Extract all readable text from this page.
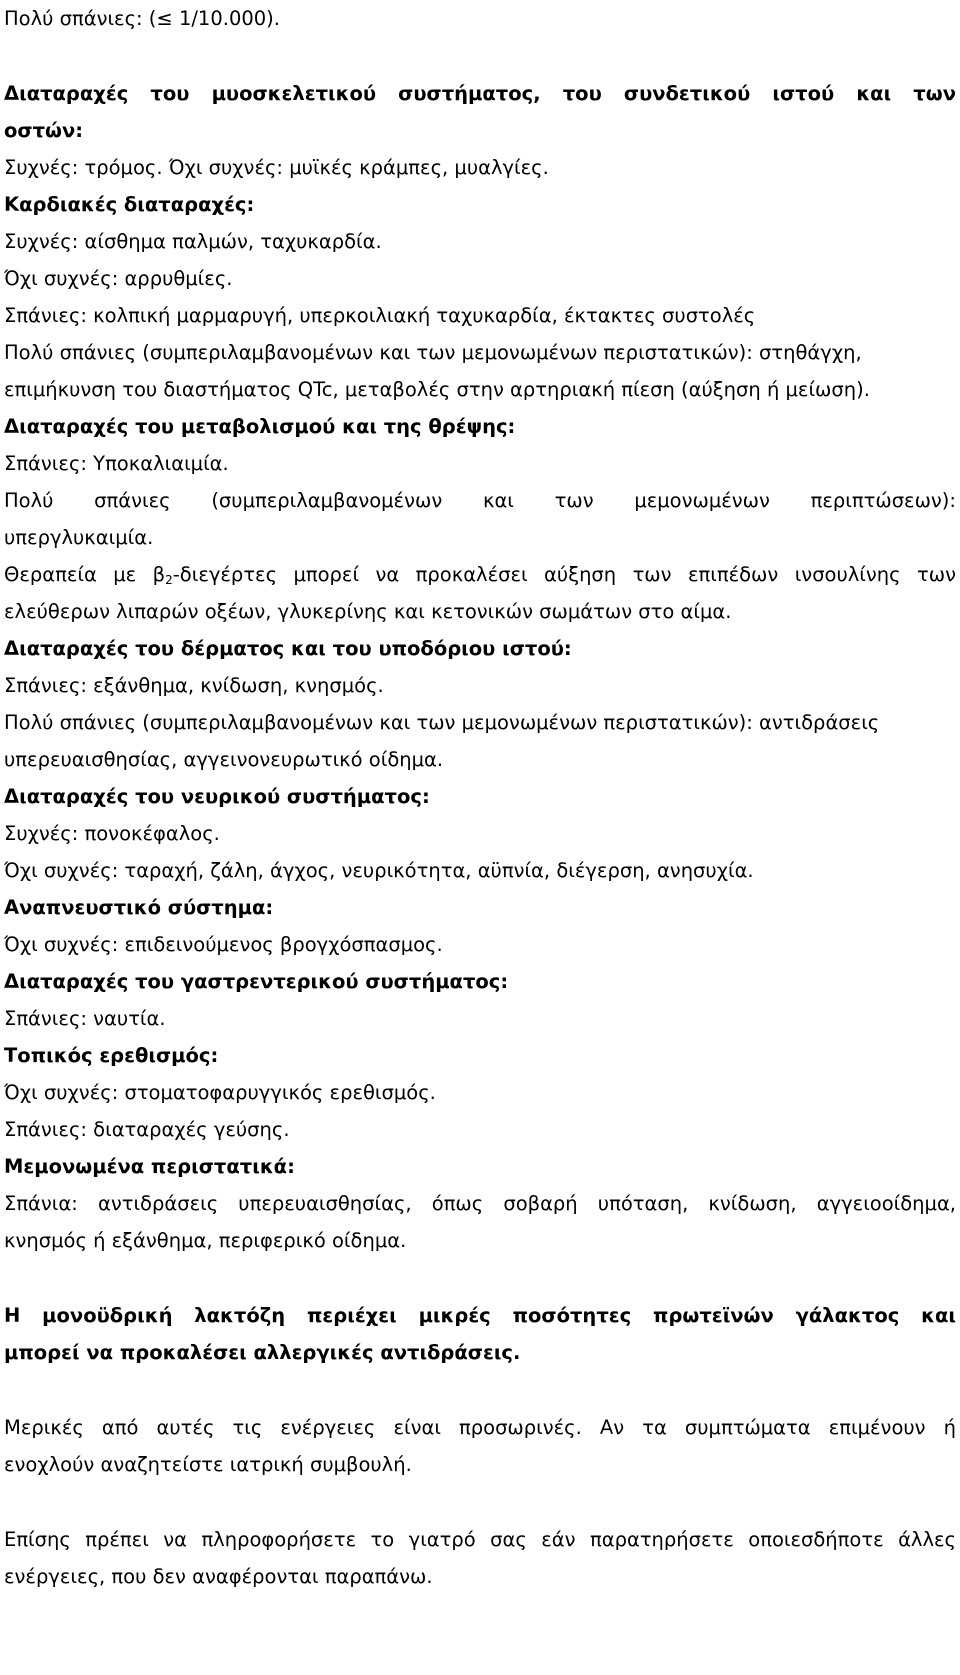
Πολύ σπάνιες: (≤ 1/10.000).
Διαταραχές του μυοσκελετικού συστήματος, του συνδετικού ιστού και των
οστών:
Συχνές: τρόμος. Όχι συχνές: μυϊκές κράμπες, μυαλγίες.
Καρδιακές διαταραχές:
Συχνές: αίσθημα παλμών, ταχυκαρδία.
Όχι συχνές: αρρυθμίες.
Σπάνιες: κολπική μαρμαρυγή, υπερκοιλιακή ταχυκαρδία, έκτακτες συστολές
Πολύ σπάνιες (συμπεριλαμβανομένων και των μεμονωμένων περιστατικών): στηθάγχη,
επιμήκυνση του διαστήματος QTc, μεταβολές στην αρτηριακή πίεση (αύξηση ή μείωση).
Διαταραχές του μεταβολισμού και της θρέψης:
Σπάνιες: Υποκαλιαιμία.
Πολύ σπάνιες (συμπεριλαμβανομένων και των μεμονωμένων περιπτώσεων):
υπεργλυκαιμία.
Θεραπεία με $\beta_2$-διεγέρτες μπορεί να προκαλέσει αύξηση των επιπέδων ινσουλίνης των
ελεύθερων λιπαρών οξέων, γλυκερίνης και κετονικών σωμάτων στο αίμα.
Διαταραχές του δέρματος και του υποδόριου ιστού:
Σπάνιες: εξάνθημα, κνίδωση, κνησμός.
Πολύ σπάνιες (συμπεριλαμβανομένων και των μεμονωμένων περιστατικών): αντιδράσεις
υπερευαισθησίας, αγγεινονευρωτικό οίδημα.
Διαταραχές του νευρικού συστήματος:
Συχνές: πονοκέφαλος.
Όχι συχνές: ταραχή, ζάλη, άγχος, νευρικότητα, αϋπνία, διέγερση, ανησυχία.
Αναπνευστικό σύστημα:
Όχι συχνές: επιδεινούμενος βρογχόσπασμος.
Διαταραχές του γαστρεντερικού συστήματος:
Σπάνιες: ναυτία.
Τοπικός ερεθισμός:
Όχι συχνές: στοματοφαρυγγικός ερεθισμός.
Σπάνιες: διαταραχές γεύσης.
Μεμονωμένα περιστατικά:
Σπάνια: αντιδράσεις υπερευαισθησίας, όπως σοβαρή υπόταση, κνίδωση, αγγειοοίδημα,
κνησμός ή εξάνθημα, περιφερικό οίδημα.
Η μονοϋδρική λακτόζη περιέχει μικρές ποσότητες πρωτεϊνών γάλακτος και
μπορεί να προκαλέσει αλλεργικές αντιδράσεις.
Μερικές από αυτές τις ενέργειες είναι προσωρινές. Αν τα συμπτώματα επιμένουν ή
ενοχλούν αναζητείστε ιατρική συμβουλή.
Επίσης πρέπει να πληροφορήσετε το γιατρό σας εάν παρατηρήσετε οποιεσδήποτε άλλες
ενέργειες, που δεν αναφέρονται παραπάνω.
